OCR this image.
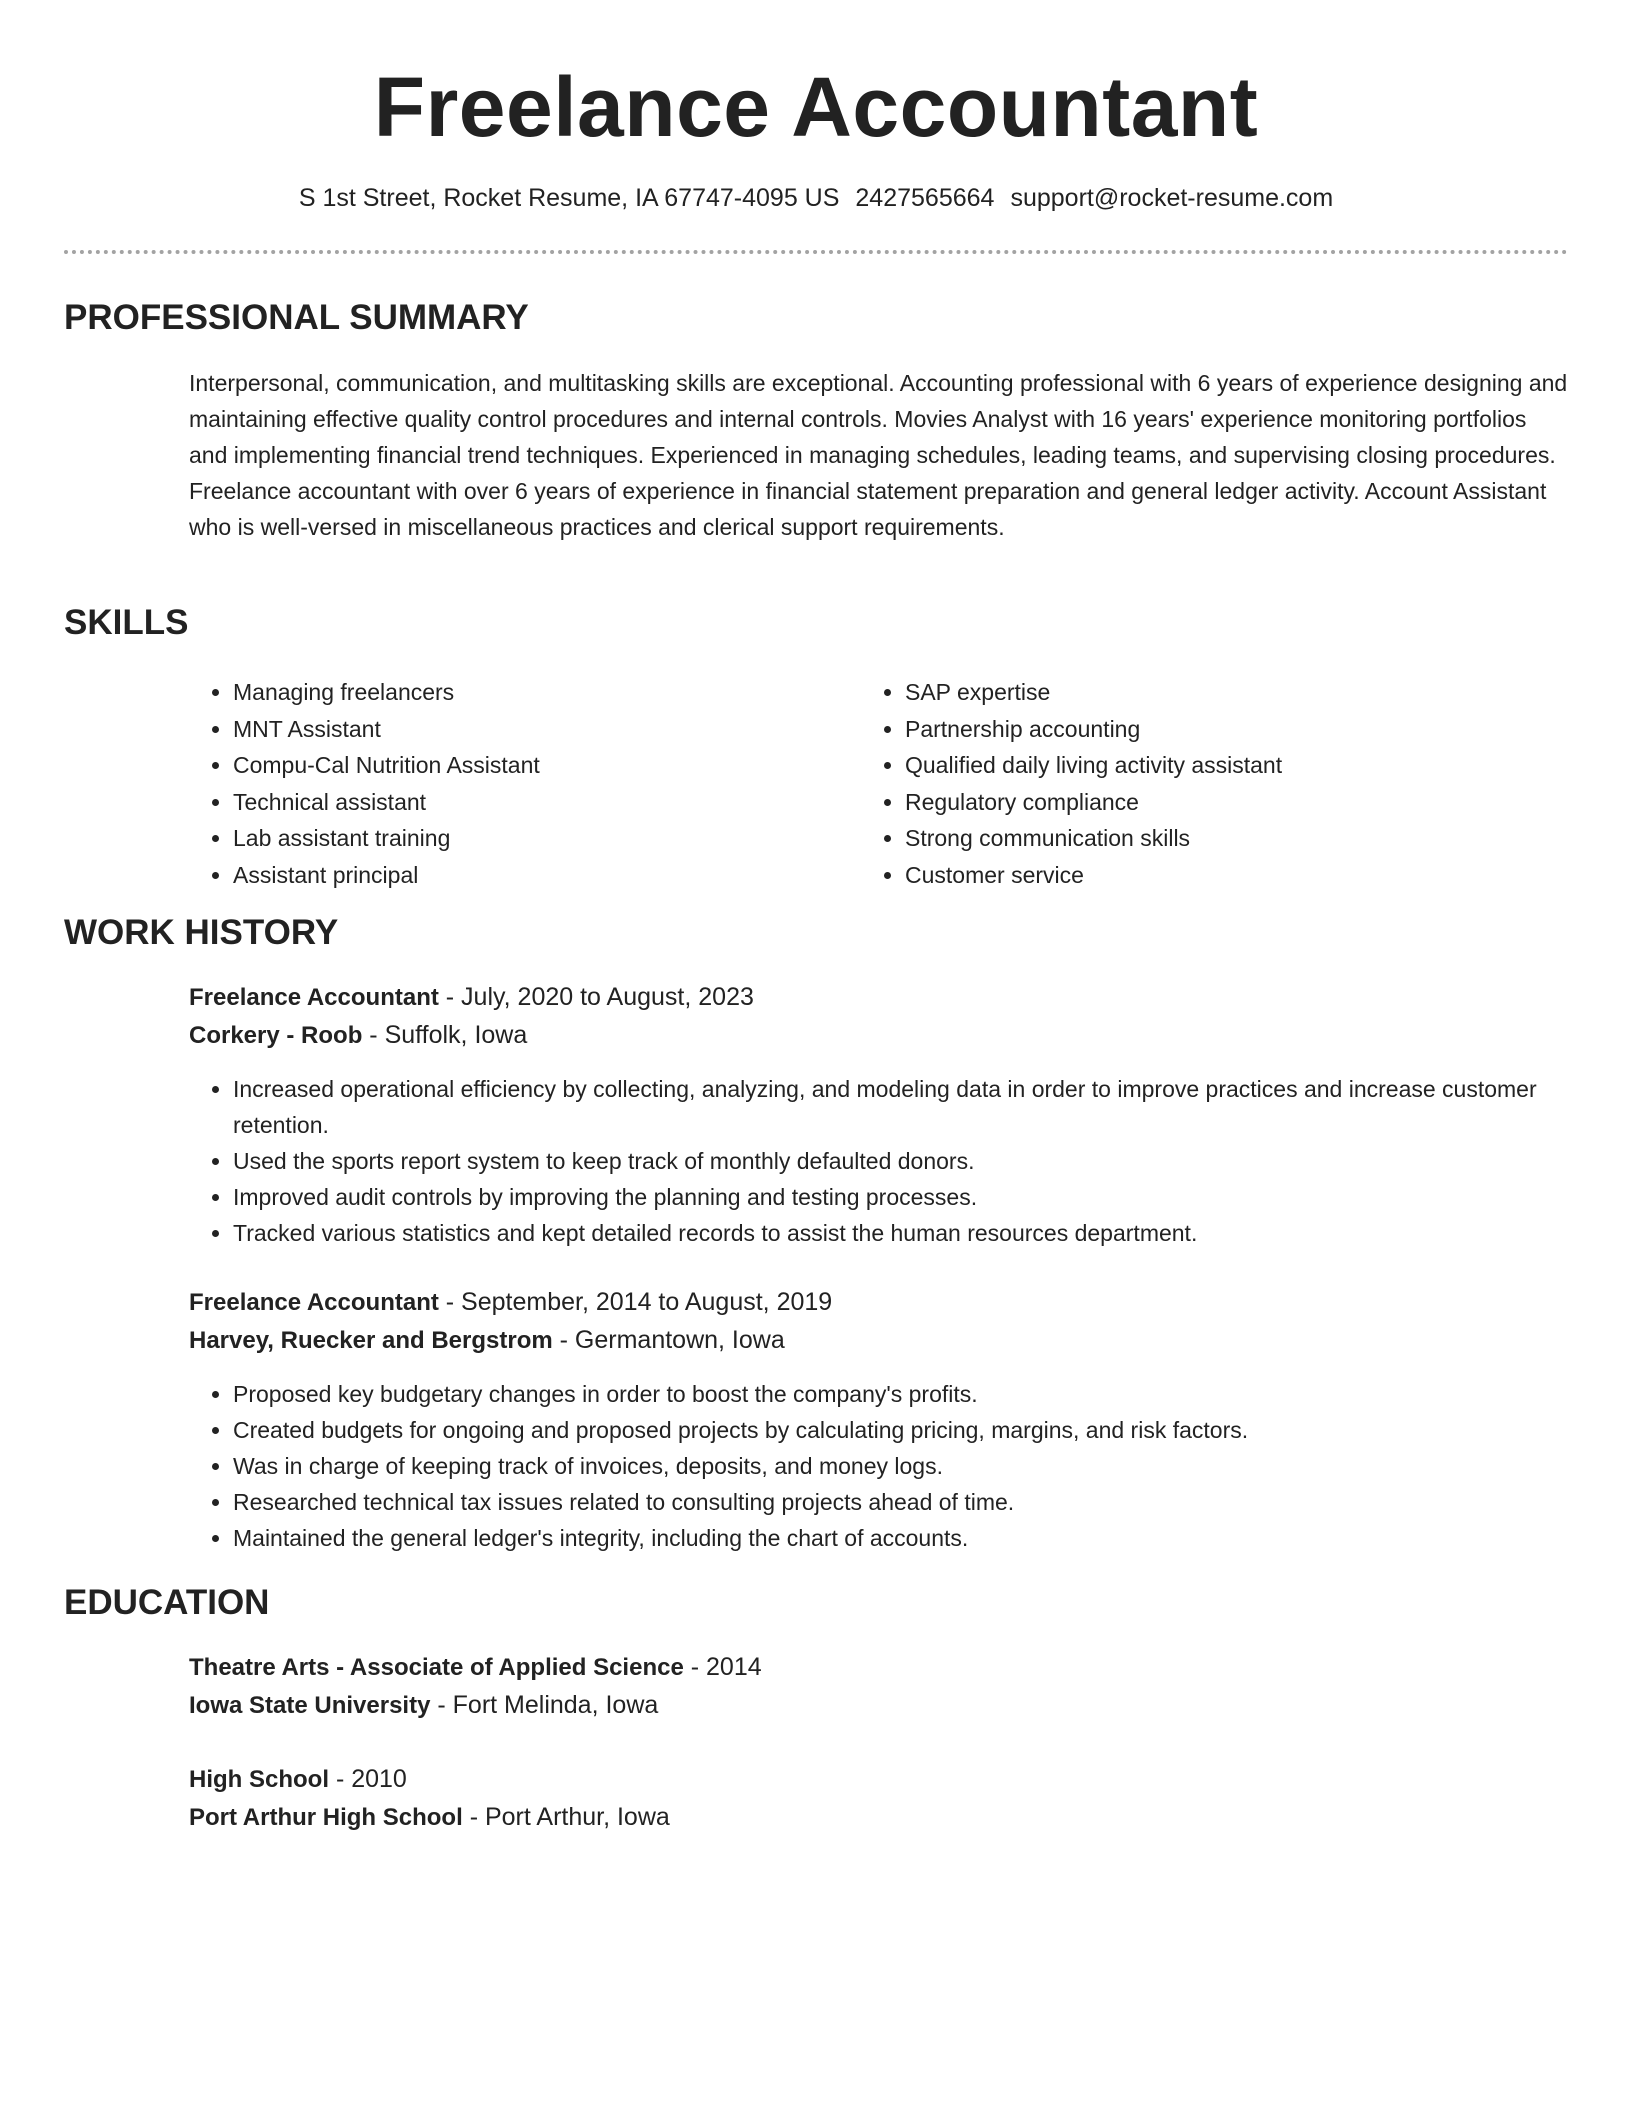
Freelance Accountant
S 1st Street, Rocket Resume, IA 67747-4095 US 2427565664 support@rocket-resume.com
PROFESSIONAL SUMMARY

Interpersonal, communication, and multitasking skills are exceptional. Accounting professional with 6 years of experience designing and maintaining effective quality control procedures and internal controls. Movies Analyst with 16 years' experience monitoring portfolios and implementing financial trend techniques. Experienced in managing schedules, leading teams, and supervising closing procedures. Freelance accountant with over 6 years of experience in financial statement preparation and general ledger activity. Account Assistant who is well-versed in miscellaneous practices and clerical support requirements.

SKILLS
• Managing freelancers
• MNT Assistant
• Compu-Cal Nutrition Assistant
• Technical assistant
• Lab assistant training
• Assistant principal
• SAP expertise
• Partnership accounting
• Qualified daily living activity assistant
• Regulatory compliance
• Strong communication skills
• Customer service
WORK HISTORY
Freelance Accountant - July, 2020 to August, 2023
Corkery - Roob - Suffolk, Iowa
• Increased operational efficiency by collecting, analyzing, and modeling data in order to improve practices and increase customer retention.
• Used the sports report system to keep track of monthly defaulted donors.
• Improved audit controls by improving the planning and testing processes.
• Tracked various statistics and kept detailed records to assist the human resources department.
Freelance Accountant - September, 2014 to August, 2019
Harvey, Ruecker and Bergstrom - Germantown, Iowa
• Proposed key budgetary changes in order to boost the company's profits.
• Created budgets for ongoing and proposed projects by calculating pricing, margins, and risk factors.
• Was in charge of keeping track of invoices, deposits, and money logs.
• Researched technical tax issues related to consulting projects ahead of time.
• Maintained the general ledger's integrity, including the chart of accounts.
EDUCATION
Theatre Arts - Associate of Applied Science - 2014
Iowa State University - Fort Melinda, Iowa
High School - 2010
Port Arthur High School - Port Arthur, Iowa
